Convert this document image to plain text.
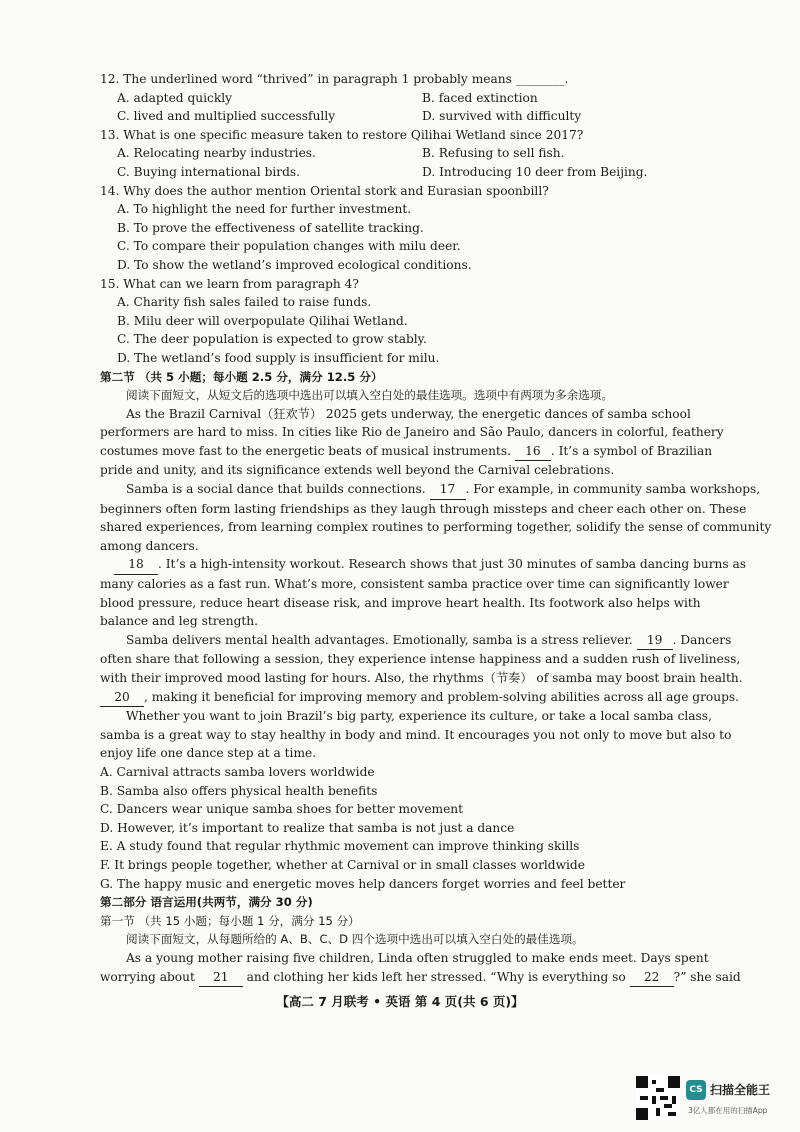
12. The underlined word “thrived” in paragraph 1 probably means ________.
A. adapted quickly	B. faced extinction
C. lived and multiplied successfully	D. survived with difficulty
13. What is one specific measure taken to restore Qilihai Wetland since 2017?
A. Relocating nearby industries.	B. Refusing to sell fish.
C. Buying international birds.	D. Introducing 10 deer from Beijing.
14. Why does the author mention Oriental stork and Eurasian spoonbill?
A. To highlight the need for further investment.
B. To prove the effectiveness of satellite tracking.
C. To compare their population changes with milu deer.
D. To show the wetland’s improved ecological conditions.
15. What can we learn from paragraph 4?
A. Charity fish sales failed to raise funds.
B. Milu deer will overpopulate Qilihai Wetland.
C. The deer population is expected to grow stably.
D. The wetland’s food supply is insufficient for milu.
第二节 （共 5 小题；每小题 2.5 分，满分 12.5 分）
阅读下面短文，从短文后的选项中选出可以填入空白处的最佳选项。选项中有两项为多余选项。
As the Brazil Carnival（狂欢节） 2025 gets underway, the energetic dances of samba school
performers are hard to miss. In cities like Rio de Janeiro and São Paulo, dancers in colorful, feathery
costumes move fast to the energetic beats of musical instruments. 16 . It’s a symbol of Brazilian
pride and unity, and its significance extends well beyond the Carnival celebrations.
Samba is a social dance that builds connections. 17 . For example, in community samba workshops,
beginners often form lasting friendships as they laugh through missteps and cheer each other on. These
shared experiences, from learning complex routines to performing together, solidify the sense of community
among dancers.
18 . It’s a high-intensity workout. Research shows that just 30 minutes of samba dancing burns as
many calories as a fast run. What’s more, consistent samba practice over time can significantly lower
blood pressure, reduce heart disease risk, and improve heart health. Its footwork also helps with
balance and leg strength.
Samba delivers mental health advantages. Emotionally, samba is a stress reliever. 19 . Dancers
often share that following a session, they experience intense happiness and a sudden rush of liveliness,
with their improved mood lasting for hours. Also, the rhythms（节奏） of samba may boost brain health.
20 , making it beneficial for improving memory and problem-solving abilities across all age groups.
Whether you want to join Brazil’s big party, experience its culture, or take a local samba class,
samba is a great way to stay healthy in body and mind. It encourages you not only to move but also to
enjoy life one dance step at a time.
A. Carnival attracts samba lovers worldwide
B. Samba also offers physical health benefits
C. Dancers wear unique samba shoes for better movement
D. However, it’s important to realize that samba is not just a dance
E. A study found that regular rhythmic movement can improve thinking skills
F. It brings people together, whether at Carnival or in small classes worldwide
G. The happy music and energetic moves help dancers forget worries and feel better
第二部分 语言运用(共两节，满分 30 分)
第一节 （共 15 小题；每小题 1 分，满分 15 分）
阅读下面短文，从每题所给的 A、B、C、D 四个选项中选出可以填入空白处的最佳选项。
As a young mother raising five children, Linda often struggled to make ends meet. Days spent
worrying about 21 and clothing her kids left her stressed. “Why is everything so 22 ?” she said
【高二 7 月联考 • 英语 第 4 页(共 6 页)】
CS 扫描全能王
3亿人都在用的扫描App
